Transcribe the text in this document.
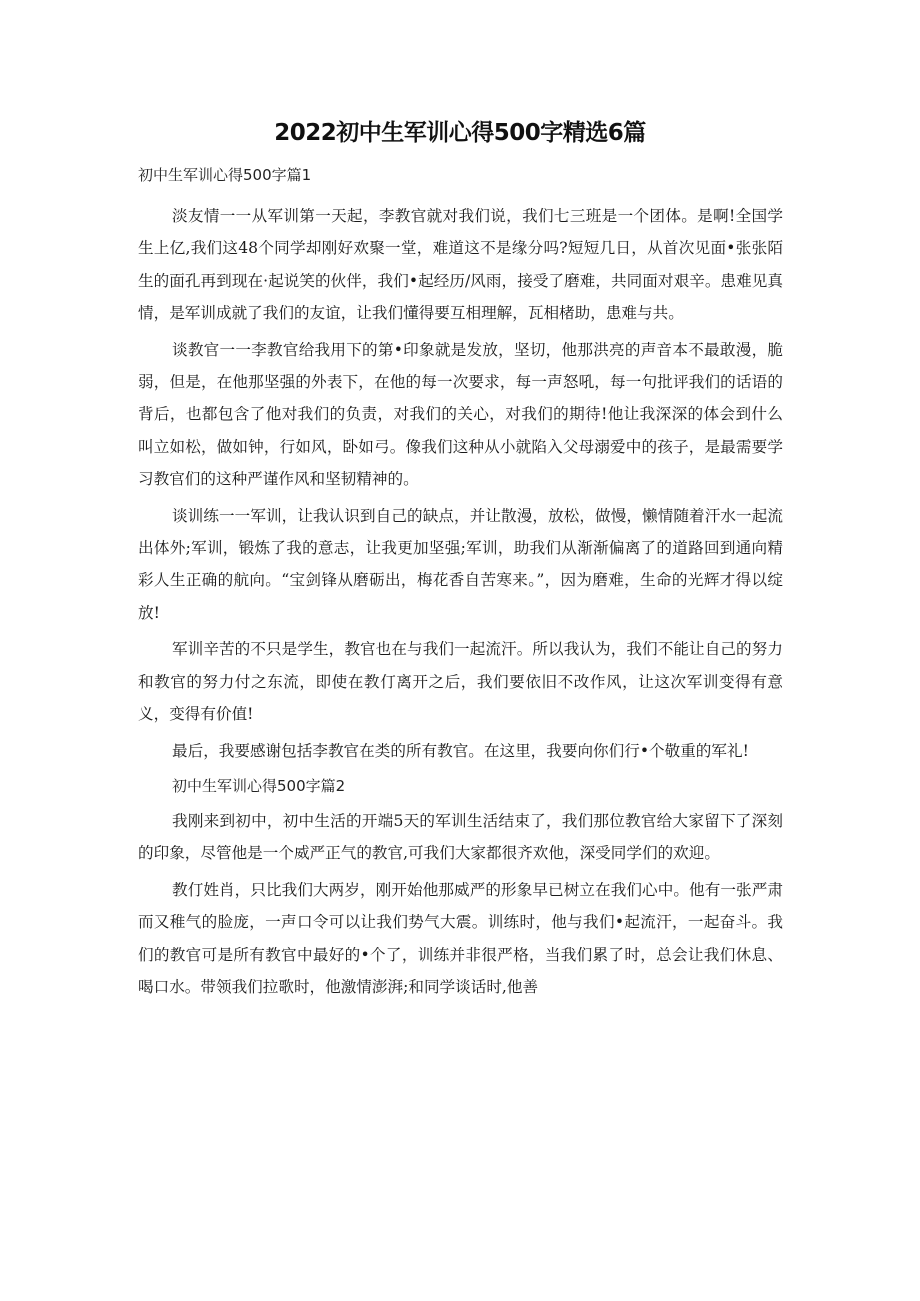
2022初中生军训心得500字精选6篇
初中生军训心得500字篇1

淡友情一一从军训第一天起，李教官就对我们说，我们七三班是一个团体。是啊!全国学生上亿,我们这48个同学却刚好欢聚一堂，难道这不是缘分吗?短短几日，从首次见面•张张陌生的面孔再到现在·起说笑的伙伴，我们•起经历/风雨，接受了磨难，共同面对艰辛。患难见真情，是军训成就了我们的友谊，让我们懂得要互相理解，瓦相楮助，患难与共。

谈教官一一李教官给我用下的第•印象就是发放，坚切，他那洪亮的声音本不最敢漫，脆弱，但是，在他那坚强的外表下，在他的每一次要求，每一声怒吼，每一句批评我们的话语的背后，也都包含了他对我们的负责，对我们的关心，对我们的期待!他让我深深的体会到什么叫立如松，做如钟，行如风，卧如弓。像我们这种从小就陷入父母溺爱中的孩子，是最需要学习教官们的这种严谨作风和坚韧精神的。

谈训练一一军训，让我认识到自己的缺点，并让散漫，放松，做慢，懒情随着汗水一起流出体外;军训，锻炼了我的意志，让我更加坚强;军训，助我们从渐渐偏离了的道路回到通向精彩人生正确的航向。“宝剑锋从磨砺出，梅花香自苦寒来。”，因为磨难，生命的光辉才得以绽放!

军训辛苦的不只是学生，教官也在与我们一起流汗。所以我认为，我们不能让自己的努力和教官的努力付之东流，即使在教仃离开之后，我们要依旧不改作风，让这次军训变得有意义，变得有价值!

最后，我要感谢包括李教官在类的所有教官。在这里，我要向你们行•个敬重的军礼!

初中生军训心得500字篇2

我刚来到初中，初中生活的开端5天的军训生活结束了，我们那位教官给大家留下了深刻的印象，尽管他是一个威严正气的教官,可我们大家都很齐欢他，深受同学们的欢迎。

教仃姓肖，只比我们大两岁，刚开始他那威严的形象早已树立在我们心中。他有一张严肃而又稚气的脸庞，一声口令可以让我们势气大震。训练时，他与我们•起流汗，一起奋斗。我们的教官可是所有教官中最好的•个了，训练并非很严格，当我们累了时，总会让我们休息、喝口水。带领我们拉歌时，他激情澎湃;和同学谈话时,他善
